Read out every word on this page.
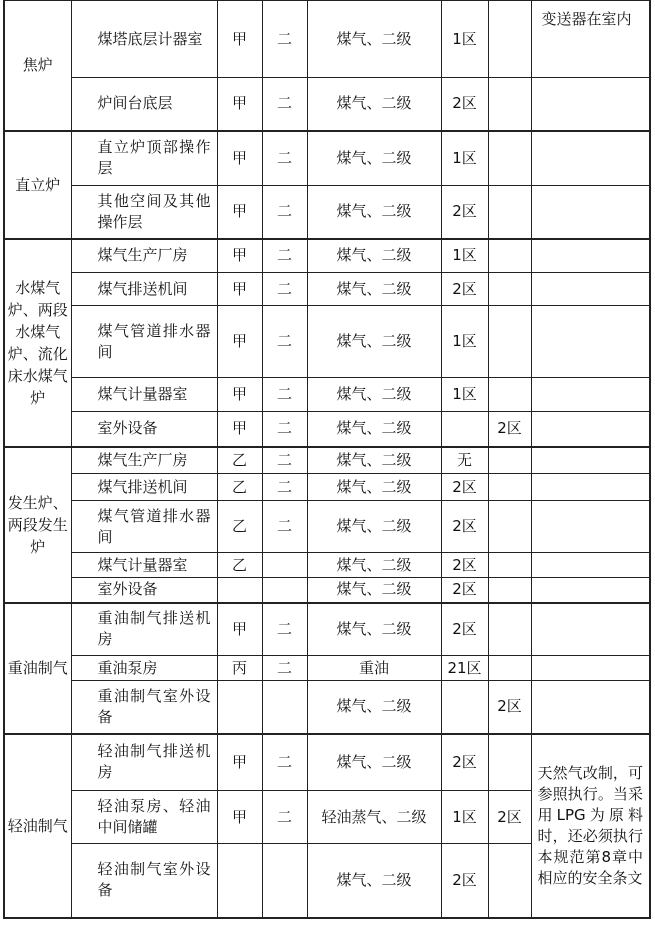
焦炉	煤塔底层计器室	甲	二	煤气、二级	1区		变送器在室内
	炉间台底层	甲	二	煤气、二级	2区		
直立炉	直立炉顶部操作层	甲	二	煤气、二级	1区		
	其他空间及其他操作层	甲	二	煤气、二级	2区		
水煤气炉、两段水煤气炉、流化床水煤气炉	煤气生产厂房	甲	二	煤气、二级	1区		
	煤气排送机间	甲	二	煤气、二级	2区		
	煤气管道排水器间	甲	二	煤气、二级	1区		
	煤气计量器室	甲	二	煤气、二级	1区		
	室外设备	甲	二	煤气、二级		2区	
发生炉、两段发生炉	煤气生产厂房	乙	二	煤气、二级	无		
	煤气排送机间	乙	二	煤气、二级	2区		
	煤气管道排水器间	乙	二	煤气、二级	2区		
	煤气计量器室	乙		煤气、二级	2区		
	室外设备			煤气、二级	2区		
重油制气	重油制气排送机房	甲	二	煤气、二级	2区		
	重油泵房	丙	二	重油	21区		
	重油制气室外设备			煤气、二级		2区	
轻油制气	轻油制气排送机房	甲	二	煤气、二级	2区		天然气改制，可参照执行。当采用LPG为原料时，还必须执行本规范第8章中相应的安全条文
	轻油泵房、轻油中间储罐	甲	二	轻油蒸气、二级	1区	2区	
	轻油制气室外设备			煤气、二级	2区		
